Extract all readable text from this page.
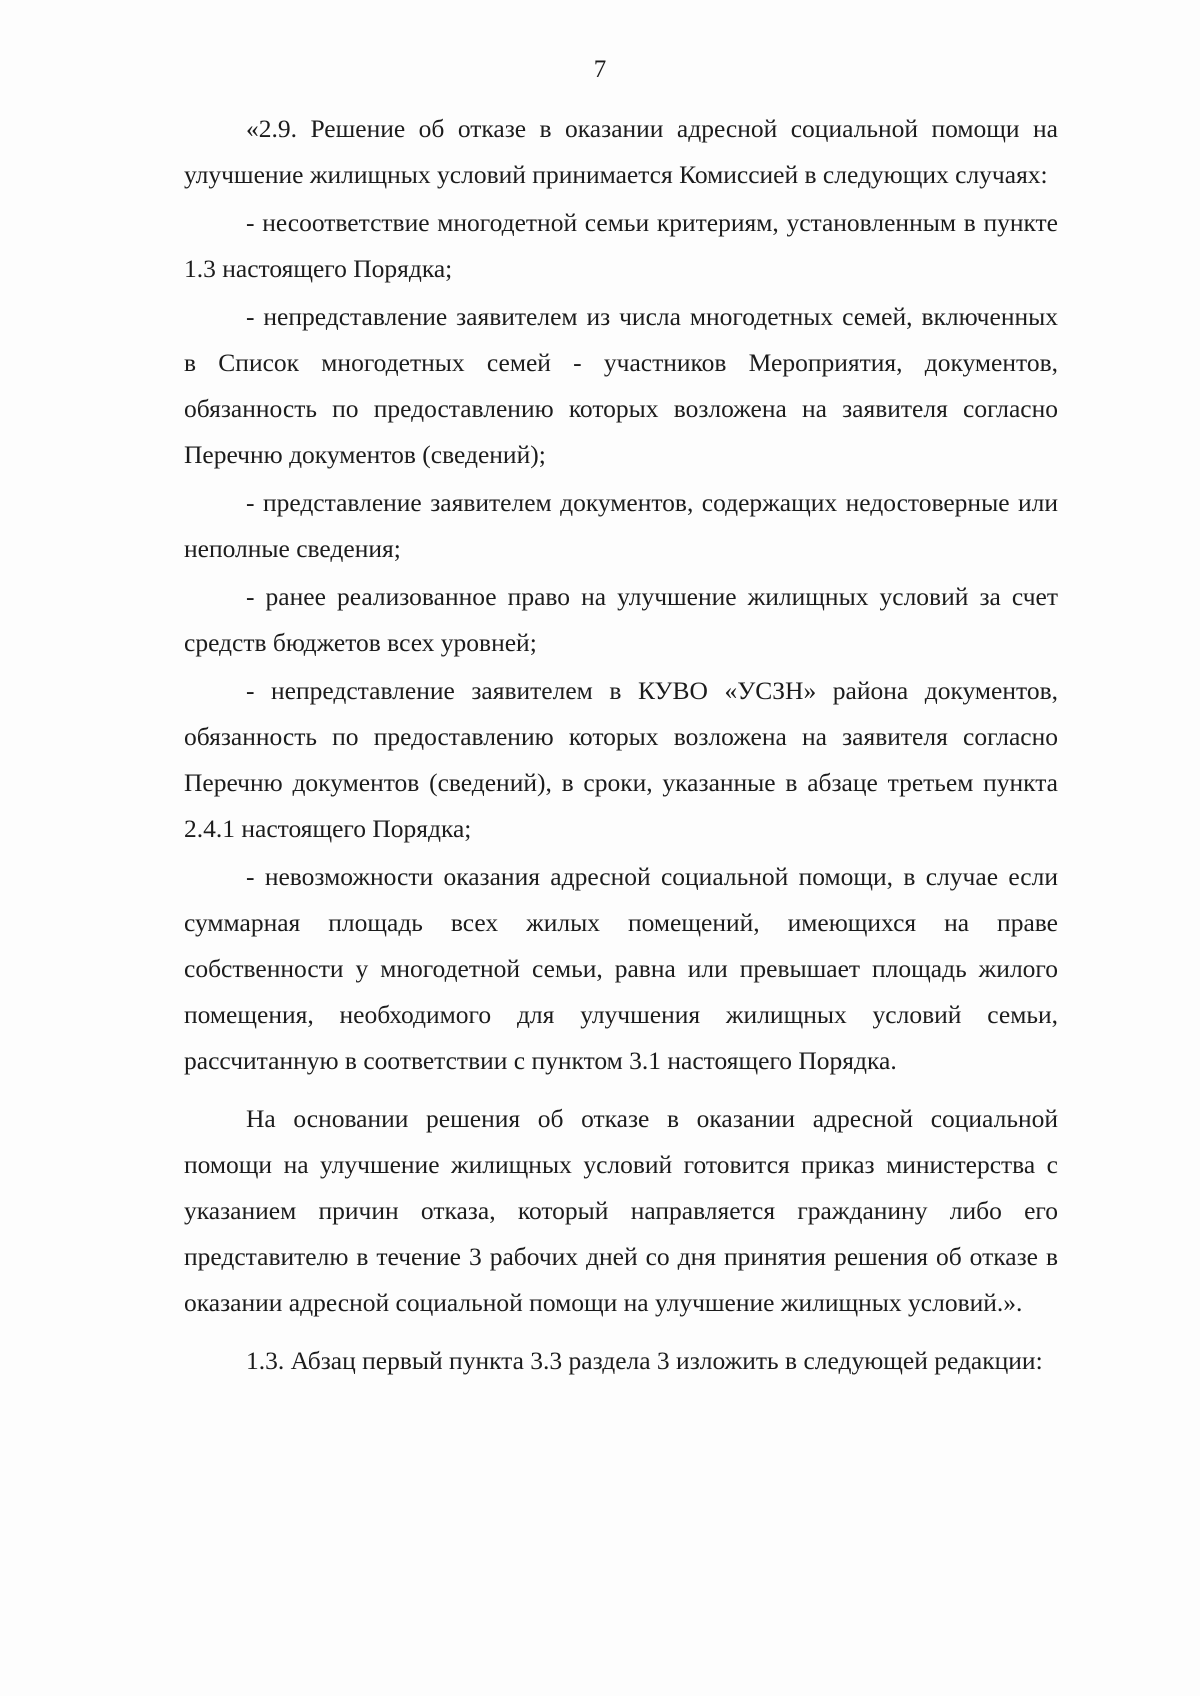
7

«2.9. Решение об отказе в оказании адресной социальной помощи на улучшение жилищных условий принимается Комиссией в следующих случаях:

- несоответствие многодетной семьи критериям, установленным в пункте 1.3 настоящего Порядка;

- непредставление заявителем из числа многодетных семей, включенных в Список многодетных семей - участников Мероприятия, документов, обязанность по предоставлению которых возложена на заявителя согласно Перечню документов (сведений);

- представление заявителем документов, содержащих недостоверные или неполные сведения;

- ранее реализованное право на улучшение жилищных условий за счет средств бюджетов всех уровней;

- непредставление заявителем в КУВО «УСЗН» района документов, обязанность по предоставлению которых возложена на заявителя согласно Перечню документов (сведений), в сроки, указанные в абзаце третьем пункта 2.4.1 настоящего Порядка;

- невозможности оказания адресной социальной помощи, в случае если суммарная площадь всех жилых помещений, имеющихся на праве собственности у многодетной семьи, равна или превышает площадь жилого помещения, необходимого для улучшения жилищных условий семьи, рассчитанную в соответствии с пунктом 3.1 настоящего Порядка.

На основании решения об отказе в оказании адресной социальной помощи на улучшение жилищных условий готовится приказ министерства с указанием причин отказа, который направляется гражданину либо его представителю в течение 3 рабочих дней со дня принятия решения об отказе в оказании адресной социальной помощи на улучшение жилищных условий.».

1.3. Абзац первый пункта 3.3 раздела 3 изложить в следующей редакции:
